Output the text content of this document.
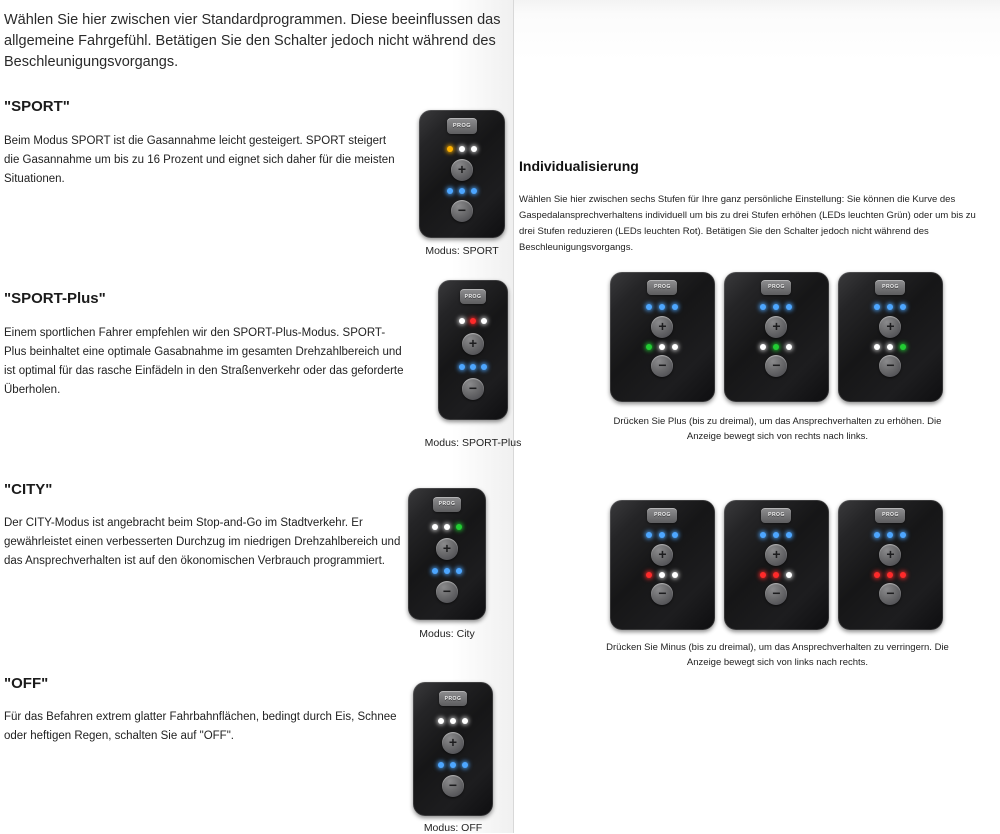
Wählen Sie hier zwischen vier Standardprogrammen. Diese beeinflussen das allgemeine Fahrgefühl. Betätigen Sie den Schalter jedoch nicht während des Beschleunigungsvorgangs.
"SPORT"
Beim Modus SPORT ist die Gasannahme leicht gesteigert. SPORT steigert die Gasannahme um bis zu 16 Prozent und eignet sich daher für die meisten Situationen.
PROG
+
−
Modus: SPORT
"SPORT-Plus"
Einem sportlichen Fahrer empfehlen wir den SPORT-Plus-Modus. SPORT-Plus beinhaltet eine optimale Gasabnahme im gesamten Drehzahlbereich und ist optimal für das rasche Einfädeln in den Straßenverkehr oder das geforderte Überholen.
PROG
+
−
Modus: SPORT-Plus
"CITY"
Der CITY-Modus ist angebracht beim Stop-and-Go im Stadtverkehr. Er gewährleistet einen verbesserten Durchzug im niedrigen Drehzahlbereich und das Ansprechverhalten ist auf den ökonomischen Verbrauch programmiert.
PROG
+
−
Modus: City
"OFF"
Für das Befahren extrem glatter Fahrbahnflächen, bedingt durch Eis, Schnee oder heftigen Regen, schalten Sie auf "OFF".
PROG
+
−
Modus: OFF
Individualisierung
Wählen Sie hier zwischen sechs Stufen für Ihre ganz persönliche Einstellung: Sie können die Kurve des Gaspedalansprechverhaltens individuell um bis zu drei Stufen erhöhen (LEDs leuchten Grün) oder um bis zu drei Stufen reduzieren (LEDs leuchten Rot). Betätigen Sie den Schalter jedoch nicht während des Beschleunigungsvorgangs.
PROG
+
−
PROG
+
−
PROG
+
−
Drücken Sie Plus (bis zu dreimal), um das Ansprechverhalten zu erhöhen. Die Anzeige bewegt sich von rechts nach links.
PROG
+
−
PROG
+
−
PROG
+
−
Drücken Sie Minus (bis zu dreimal), um das Ansprechverhalten zu verringern. Die Anzeige bewegt sich von links nach rechts.
